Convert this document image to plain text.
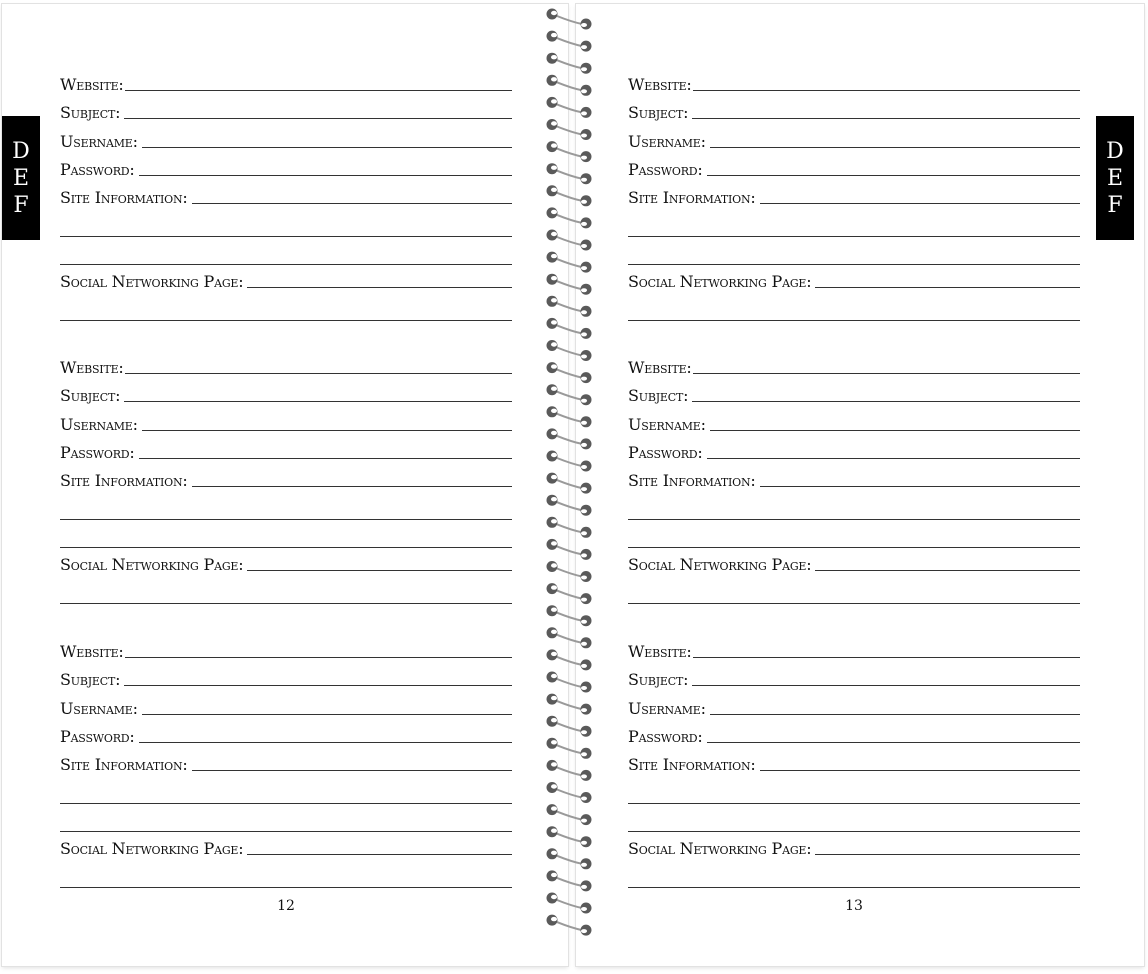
D
E
F
Website:
Subject:
Username:
Password:
Site Information:
Social Networking Page:
Website:
Subject:
Username:
Password:
Site Information:
Social Networking Page:
Website:
Subject:
Username:
Password:
Site Information:
Social Networking Page:
12
D
E
F
Website:
Subject:
Username:
Password:
Site Information:
Social Networking Page:
Website:
Subject:
Username:
Password:
Site Information:
Social Networking Page:
Website:
Subject:
Username:
Password:
Site Information:
Social Networking Page:
13
